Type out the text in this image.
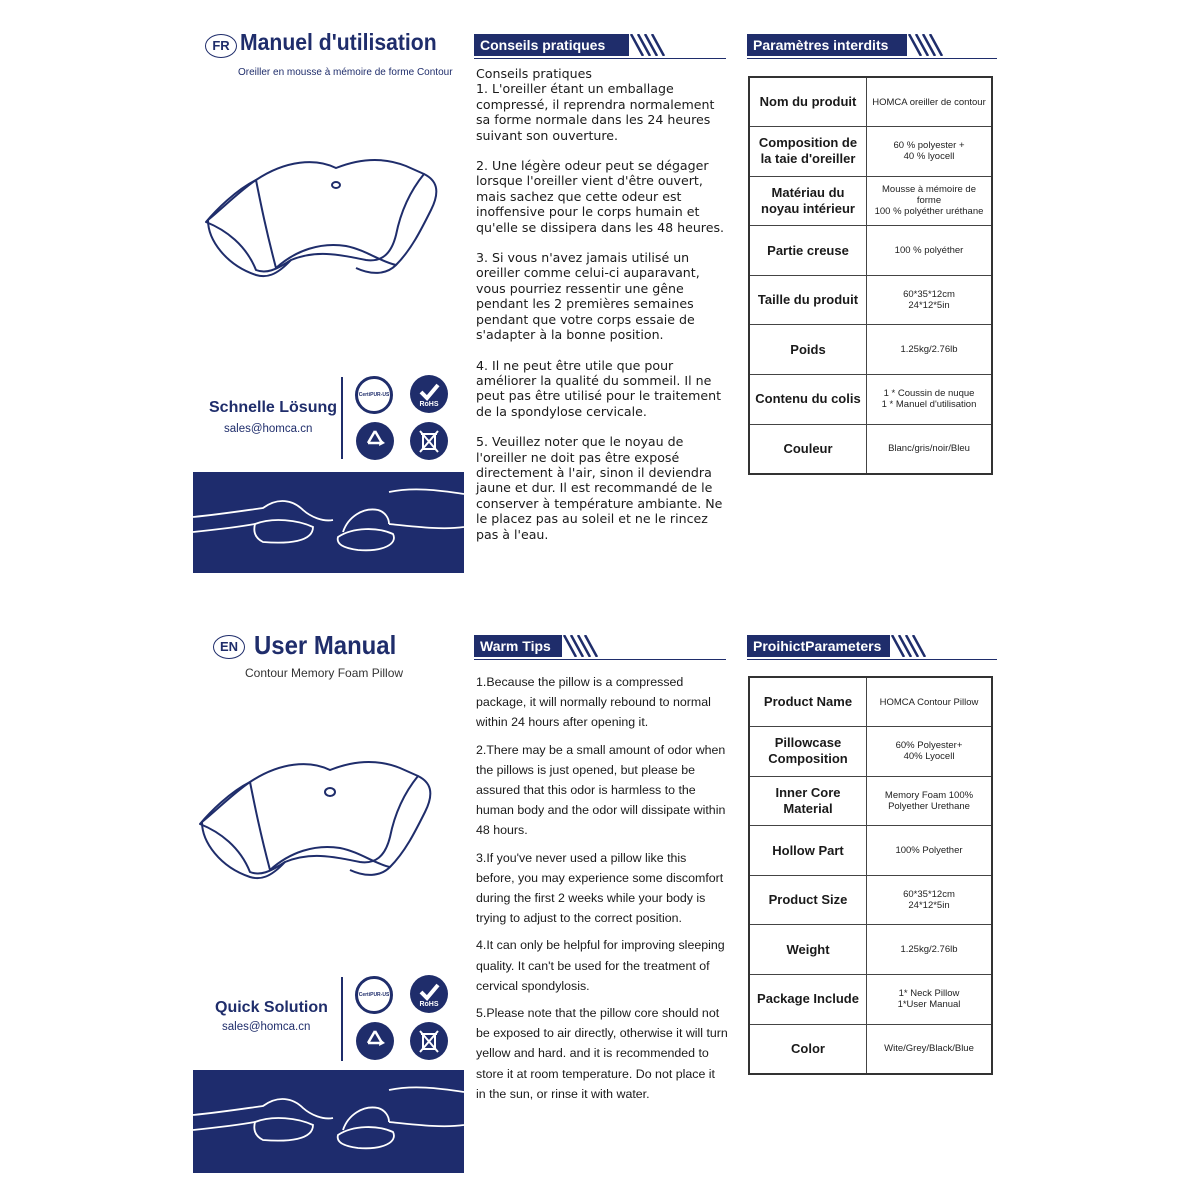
FR Manuel d'utilisation
Oreiller en mousse à mémoire de forme Contour
Schnelle Lösung
sales@homca.cn
CertiPUR-US
RoHS
Conseils pratiques

Conseils pratiques

1. L'oreiller étant un emballage compressé, il reprendra normalement sa forme normale dans les 24 heures suivant son ouverture.

2. Une légère odeur peut se dégager lorsque l'oreiller vient d'être ouvert, mais sachez que cette odeur est inoffensive pour le corps humain et qu'elle se dissipera dans les 48 heures.

3. Si vous n'avez jamais utilisé un oreiller comme celui-ci auparavant, vous pourriez ressentir une gêne pendant les 2 premières semaines pendant que votre corps essaie de s'adapter à la bonne position.

4. Il ne peut être utile que pour améliorer la qualité du sommeil. Il ne peut pas être utilisé pour le traitement de la spondylose cervicale.

5. Veuillez noter que le noyau de l'oreiller ne doit pas être exposé directement à l'air, sinon il deviendra jaune et dur. Il est recommandé de le conserver à température ambiante. Ne le placez pas au soleil et ne le rincez pas à l'eau.

Paramètres interdits
Nom du produit	HOMCA oreiller de contour

Composition de
la taie d'oreiller	60 % polyester +
40 % lyocell

Matériau du
noyau intérieur	Mousse à mémoire de forme
100 % polyéther uréthane

Partie creuse	100 % polyéther

Taille du produit	60*35*12cm
24*12*5in

Poids	1.25kg/2.76lb

Contenu du colis	1 * Coussin de nuque
1 * Manuel d'utilisation

Couleur	Blanc/gris/noir/Bleu
EN User Manual
Contour Memory Foam Pillow
Quick Solution
sales@homca.cn
CertiPUR-US
RoHS
Warm Tips

1.Because the pillow is a compressed package, it will normally rebound to normal within 24 hours after opening it.

2.There may be a small amount of odor when the pillows is just opened, but please be assured that this odor is harmless to the human body and the odor will dissipate within 48 hours.

3.If you've never used a pillow like this before, you may experience some discomfort during the first 2 weeks while your body is trying to adjust to the correct position.

4.It can only be helpful for improving sleeping quality. It can't be used for the treatment of cervical spondylosis.

5.Please note that the pillow core should not be exposed to air directly, otherwise it will turn yellow and hard. and it is recommended to store it at room temperature. Do not place it in the sun, or rinse it with water.

ProihictParameters
Product Name	HOMCA Contour Pillow

Pillowcase
Composition	60% Polyester+
40% Lyocell

Inner Core
Material	Memory Foam 100%
Polyether Urethane

Hollow Part	100% Polyether

Product Size	60*35*12cm
24*12*5in

Weight	1.25kg/2.76lb

Package Include	1* Neck Pillow
1*User Manual

Color	Wite/Grey/Black/Blue
